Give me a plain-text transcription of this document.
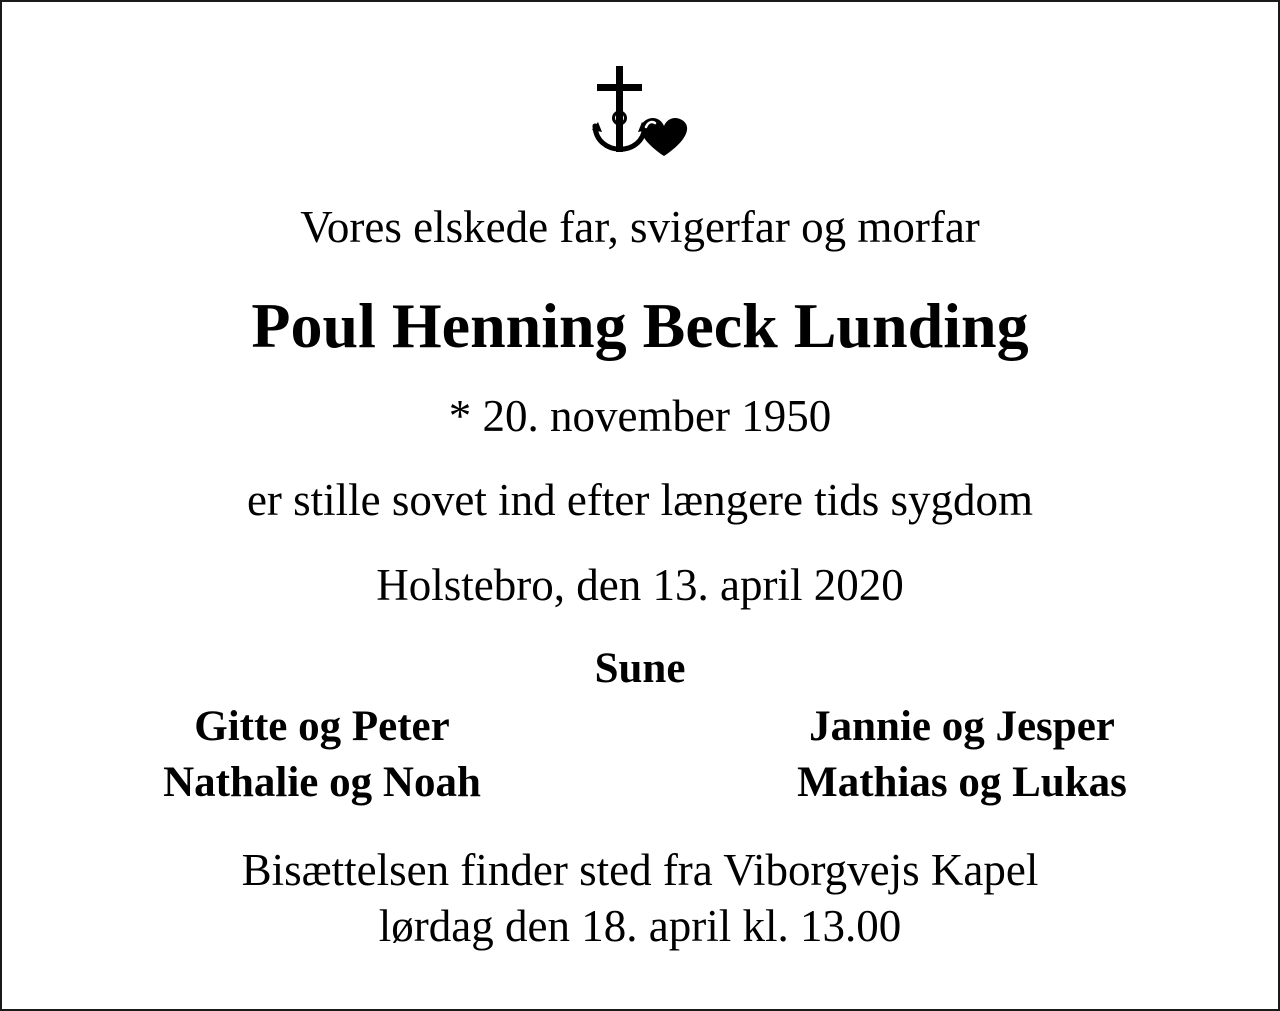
Vores elskede far, svigerfar og morfar
Poul Henning Beck Lunding
* 20. november 1950
er stille sovet ind efter længere tids sygdom
Holstebro, den 13. april 2020
Sune
Gitte og Peter
Nathalie og Noah
Jannie og Jesper
Mathias og Lukas
Bisættelsen finder sted fra Viborgvejs Kapel
lørdag den 18. april kl. 13.00
